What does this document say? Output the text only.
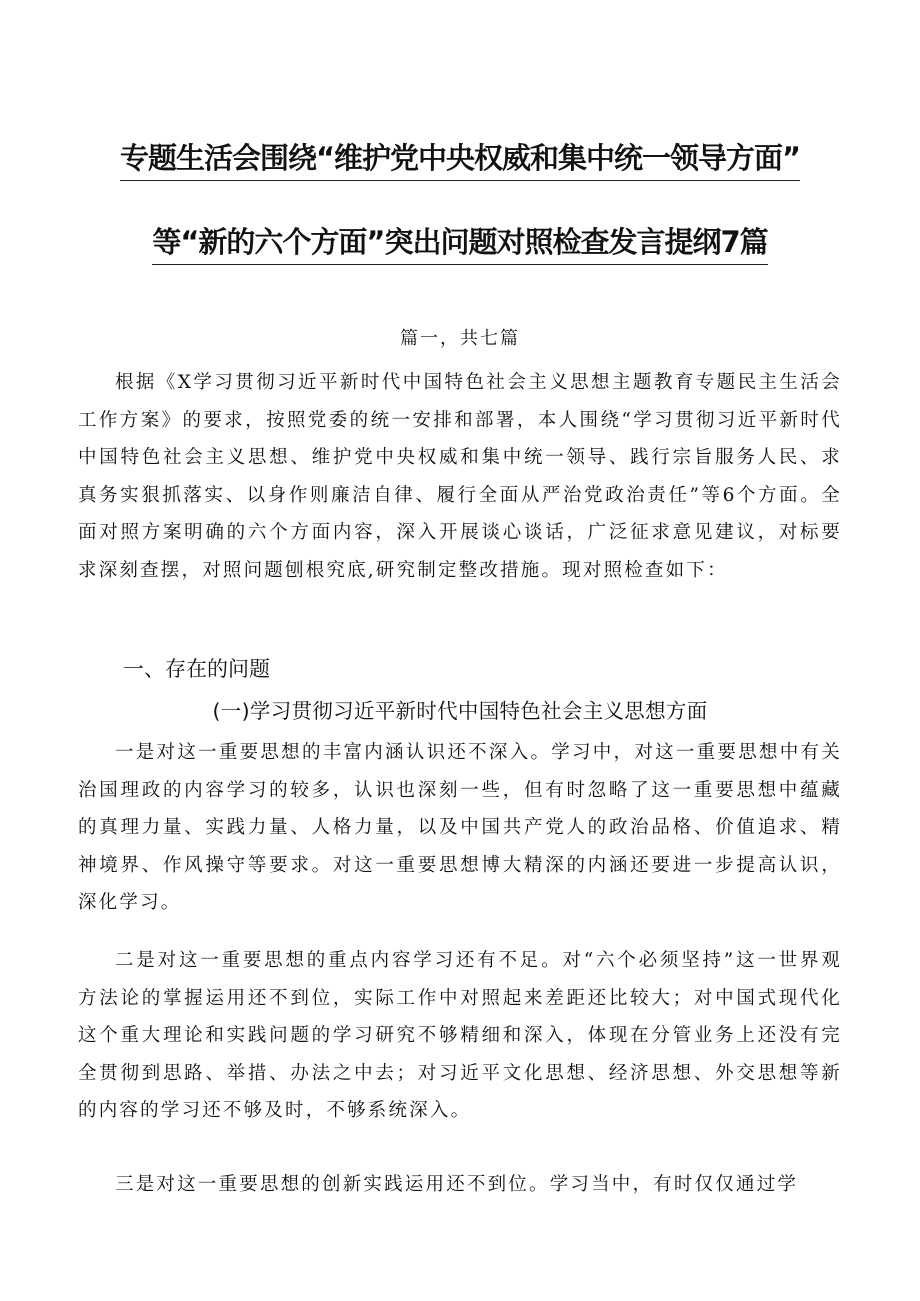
专题生活会围绕“维护党中央权威和集中统一领导方面”
等“新的六个方面”突出问题对照检查发言提纲7篇
篇一，共七篇

根据《X学习贯彻习近平新时代中国特色社会主义思想主题教育专题民主生活会工作方案》的要求，按照党委的统一安排和部署，本人围绕“学习贯彻习近平新时代中国特色社会主义思想、维护党中央权威和集中统一领导、践行宗旨服务人民、求真务实狠抓落实、以身作则廉洁自律、履行全面从严治党政治责任”等6个方面。全面对照方案明确的六个方面内容，深入开展谈心谈话，广泛征求意见建议，对标要求深刻查摆，对照问题刨根究底,研究制定整改措施。现对照检查如下：

一、存在的问题
(一)学习贯彻习近平新时代中国特色社会主义思想方面

一是对这一重要思想的丰富内涵认识还不深入。学习中，对这一重要思想中有关治国理政的内容学习的较多，认识也深刻一些，但有时忽略了这一重要思想中蕴藏的真理力量、实践力量、人格力量，以及中国共产党人的政治品格、价值追求、精神境界、作风操守等要求。对这一重要思想博大精深的内涵还要进一步提高认识，深化学习。

二是对这一重要思想的重点内容学习还有不足。对“六个必须坚持”这一世界观方法论的掌握运用还不到位，实际工作中对照起来差距还比较大；对中国式现代化这个重大理论和实践问题的学习研究不够精细和深入，体现在分管业务上还没有完全贯彻到思路、举措、办法之中去；对习近平文化思想、经济思想、外交思想等新的内容的学习还不够及时，不够系统深入。

三是对这一重要思想的创新实践运用还不到位。学习当中，有时仅仅通过学
